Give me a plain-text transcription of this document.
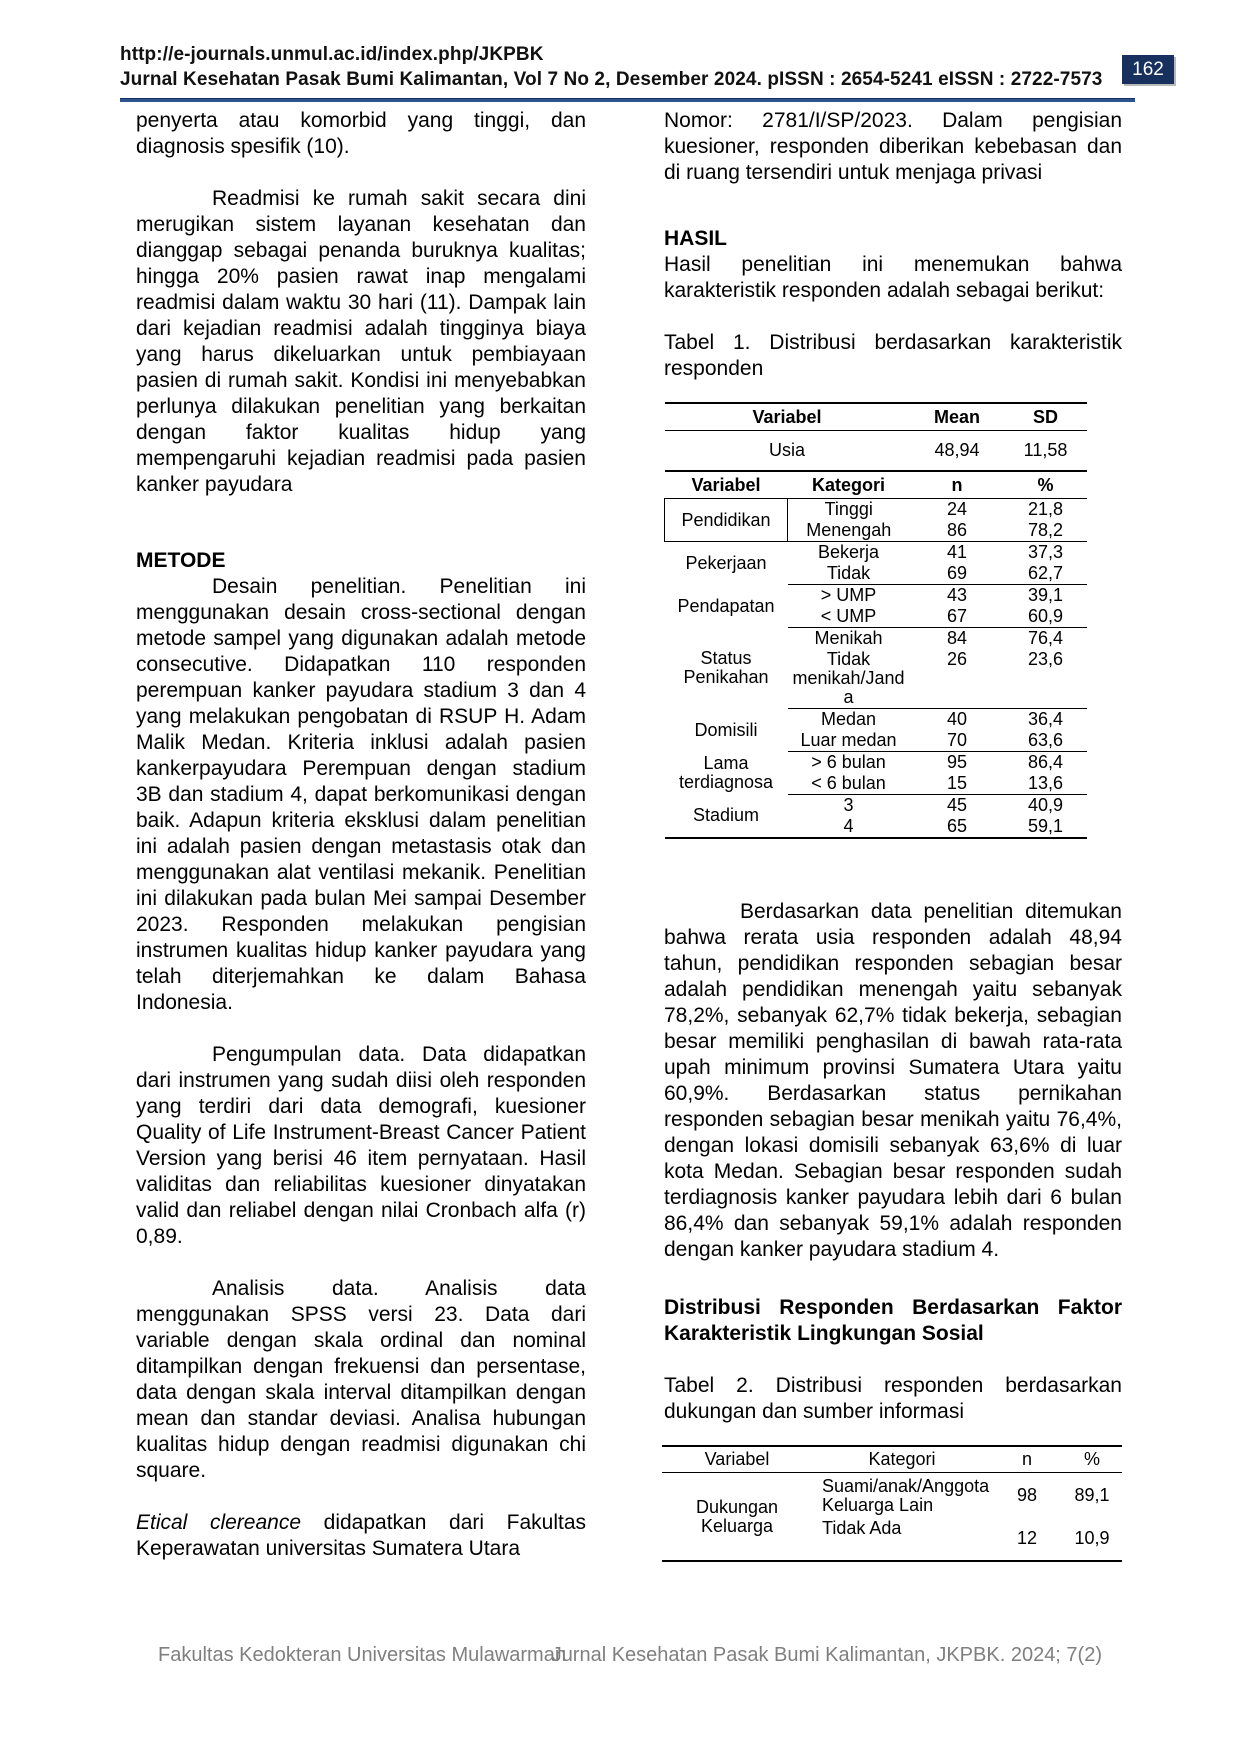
http://e-journals.unmul.ac.id/index.php/JKPBK
Jurnal Kesehatan Pasak Bumi Kalimantan, Vol 7 No 2, Desember 2024. pISSN : 2654-5241 eISSN : 2722-7573	162

penyerta atau komorbid yang tinggi, dan diagnosis spesifik (10).

Readmisi ke rumah sakit secara dini merugikan sistem layanan kesehatan dan dianggap sebagai penanda buruknya kualitas; hingga 20% pasien rawat inap mengalami readmisi dalam waktu 30 hari (11). Dampak lain dari kejadian readmisi adalah tingginya biaya yang harus dikeluarkan untuk pembiayaan pasien di rumah sakit. Kondisi ini menyebabkan perlunya dilakukan penelitian yang berkaitan dengan faktor kualitas hidup yang mempengaruhi kejadian readmisi pada pasien kanker payudara

METODE

Desain penelitian. Penelitian ini menggunakan desain cross-sectional dengan metode sampel yang digunakan adalah metode consecutive. Didapatkan 110 responden perempuan kanker payudara stadium 3 dan 4 yang melakukan pengobatan di RSUP H. Adam Malik Medan. Kriteria inklusi adalah pasien kankerpayudara Perempuan dengan stadium 3B dan stadium 4, dapat berkomunikasi dengan baik. Adapun kriteria eksklusi dalam penelitian ini adalah pasien dengan metastasis otak dan menggunakan alat ventilasi mekanik. Penelitian ini dilakukan pada bulan Mei sampai Desember 2023. Responden melakukan pengisian instrumen kualitas hidup kanker payudara yang telah diterjemahkan ke dalam Bahasa Indonesia.

Pengumpulan data. Data didapatkan dari instrumen yang sudah diisi oleh responden yang terdiri dari data demografi, kuesioner Quality of Life Instrument-Breast Cancer Patient Version yang berisi 46 item pernyataan. Hasil validitas dan reliabilitas kuesioner dinyatakan valid dan reliabel dengan nilai Cronbach alfa (r) 0,89.

Analisis data. Analisis data menggunakan SPSS versi 23. Data dari variable dengan skala ordinal dan nominal ditampilkan dengan frekuensi dan persentase, data dengan skala interval ditampilkan dengan mean dan standar deviasi. Analisa hubungan kualitas hidup dengan readmisi digunakan chi square.

Etical clereance didapatkan dari Fakultas Keperawatan universitas Sumatera Utara

Nomor: 2781/I/SP/2023. Dalam pengisian kuesioner, responden diberikan kebebasan dan di ruang tersendiri untuk menjaga privasi

HASIL

Hasil penelitian ini menemukan bahwa karakteristik responden adalah sebagai berikut:

Tabel 1. Distribusi berdasarkan karakteristik responden

Variabel		Mean	SD
Usia		48,94	11,58
Variabel	Kategori	n	%
Pendidikan	Tinggi	24	21,8
	Menengah	86	78,2
Pekerjaan	Bekerja	41	37,3
	Tidak	69	62,7
Pendapatan	> UMP	43	39,1
	< UMP	67	60,9
Status Penikahan	Menikah	84	76,4
	Tidak menikah/Janda	26	23,6
Domisili	Medan	40	36,4
	Luar medan	70	63,6
Lama terdiagnosa	> 6 bulan	95	86,4
	< 6 bulan	15	13,6
Stadium	3	45	40,9
	4	65	59,1

Berdasarkan data penelitian ditemukan bahwa rerata usia responden adalah 48,94 tahun, pendidikan responden sebagian besar adalah pendidikan menengah yaitu sebanyak 78,2%, sebanyak 62,7% tidak bekerja, sebagian besar memiliki penghasilan di bawah rata-rata upah minimum provinsi Sumatera Utara yaitu 60,9%. Berdasarkan status pernikahan responden sebagian besar menikah yaitu 76,4%, dengan lokasi domisili sebanyak 63,6% di luar kota Medan. Sebagian besar responden sudah terdiagnosis kanker payudara lebih dari 6 bulan 86,4% dan sebanyak 59,1% adalah responden dengan kanker payudara stadium 4.

Distribusi Responden Berdasarkan Faktor Karakteristik Lingkungan Sosial

Tabel 2. Distribusi responden berdasarkan dukungan dan sumber informasi

Variabel	Kategori	n	%
Dukungan Keluarga	Suami/anak/Anggota Keluarga Lain	98	89,1
	Tidak Ada	12	10,9
Fakultas Kedokteran Universitas Mulawarman
Jurnal Kesehatan Pasak Bumi Kalimantan, JKPBK. 2024; 7(2)
